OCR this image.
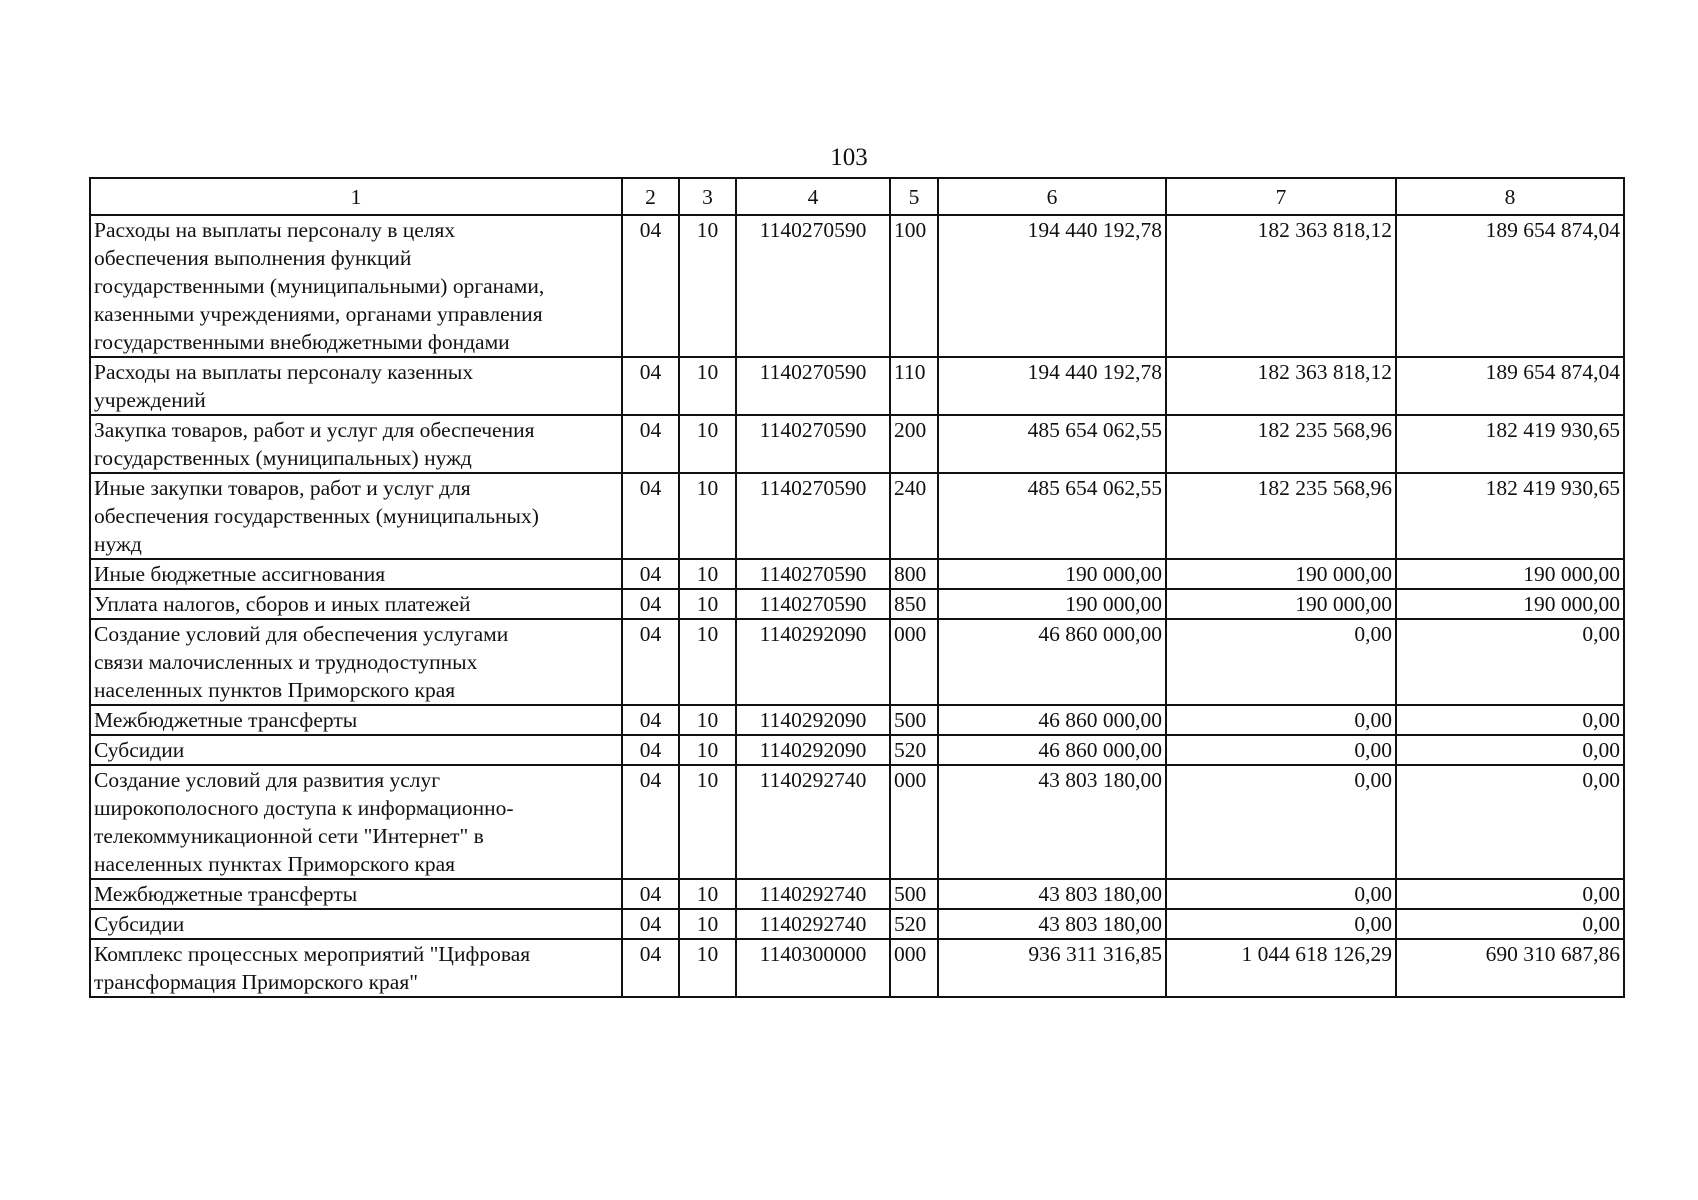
103
1	2	3	4	5	6	7	8

Расходы на выплаты персоналу в целях
обеспечения выполнения функций
государственными (муниципальными) органами,
казенными учреждениями, органами управления
государственными внебюджетными фондами	04	10	1140270590	100	194 440 192,78	182 363 818,12	189 654 874,04

Расходы на выплаты персоналу казенных
учреждений	04	10	1140270590	110	194 440 192,78	182 363 818,12	189 654 874,04

Закупка товаров, работ и услуг для обеспечения
государственных (муниципальных) нужд	04	10	1140270590	200	485 654 062,55	182 235 568,96	182 419 930,65

Иные закупки товаров, работ и услуг для
обеспечения государственных (муниципальных)
нужд	04	10	1140270590	240	485 654 062,55	182 235 568,96	182 419 930,65

Иные бюджетные ассигнования	04	10	1140270590	800	190 000,00	190 000,00	190 000,00

Уплата налогов, сборов и иных платежей	04	10	1140270590	850	190 000,00	190 000,00	190 000,00

Создание условий для обеспечения услугами
связи малочисленных и труднодоступных
населенных пунктов Приморского края	04	10	1140292090	000	46 860 000,00	0,00	0,00

Межбюджетные трансферты	04	10	1140292090	500	46 860 000,00	0,00	0,00

Субсидии	04	10	1140292090	520	46 860 000,00	0,00	0,00

Создание условий для развития услуг
широкополосного доступа к информационно-
телекоммуникационной сети "Интернет" в
населенных пунктах Приморского края	04	10	1140292740	000	43 803 180,00	0,00	0,00

Межбюджетные трансферты	04	10	1140292740	500	43 803 180,00	0,00	0,00

Субсидии	04	10	1140292740	520	43 803 180,00	0,00	0,00

Комплекс процессных мероприятий "Цифровая
трансформация Приморского края"	04	10	1140300000	000	936 311 316,85	1 044 618 126,29	690 310 687,86
